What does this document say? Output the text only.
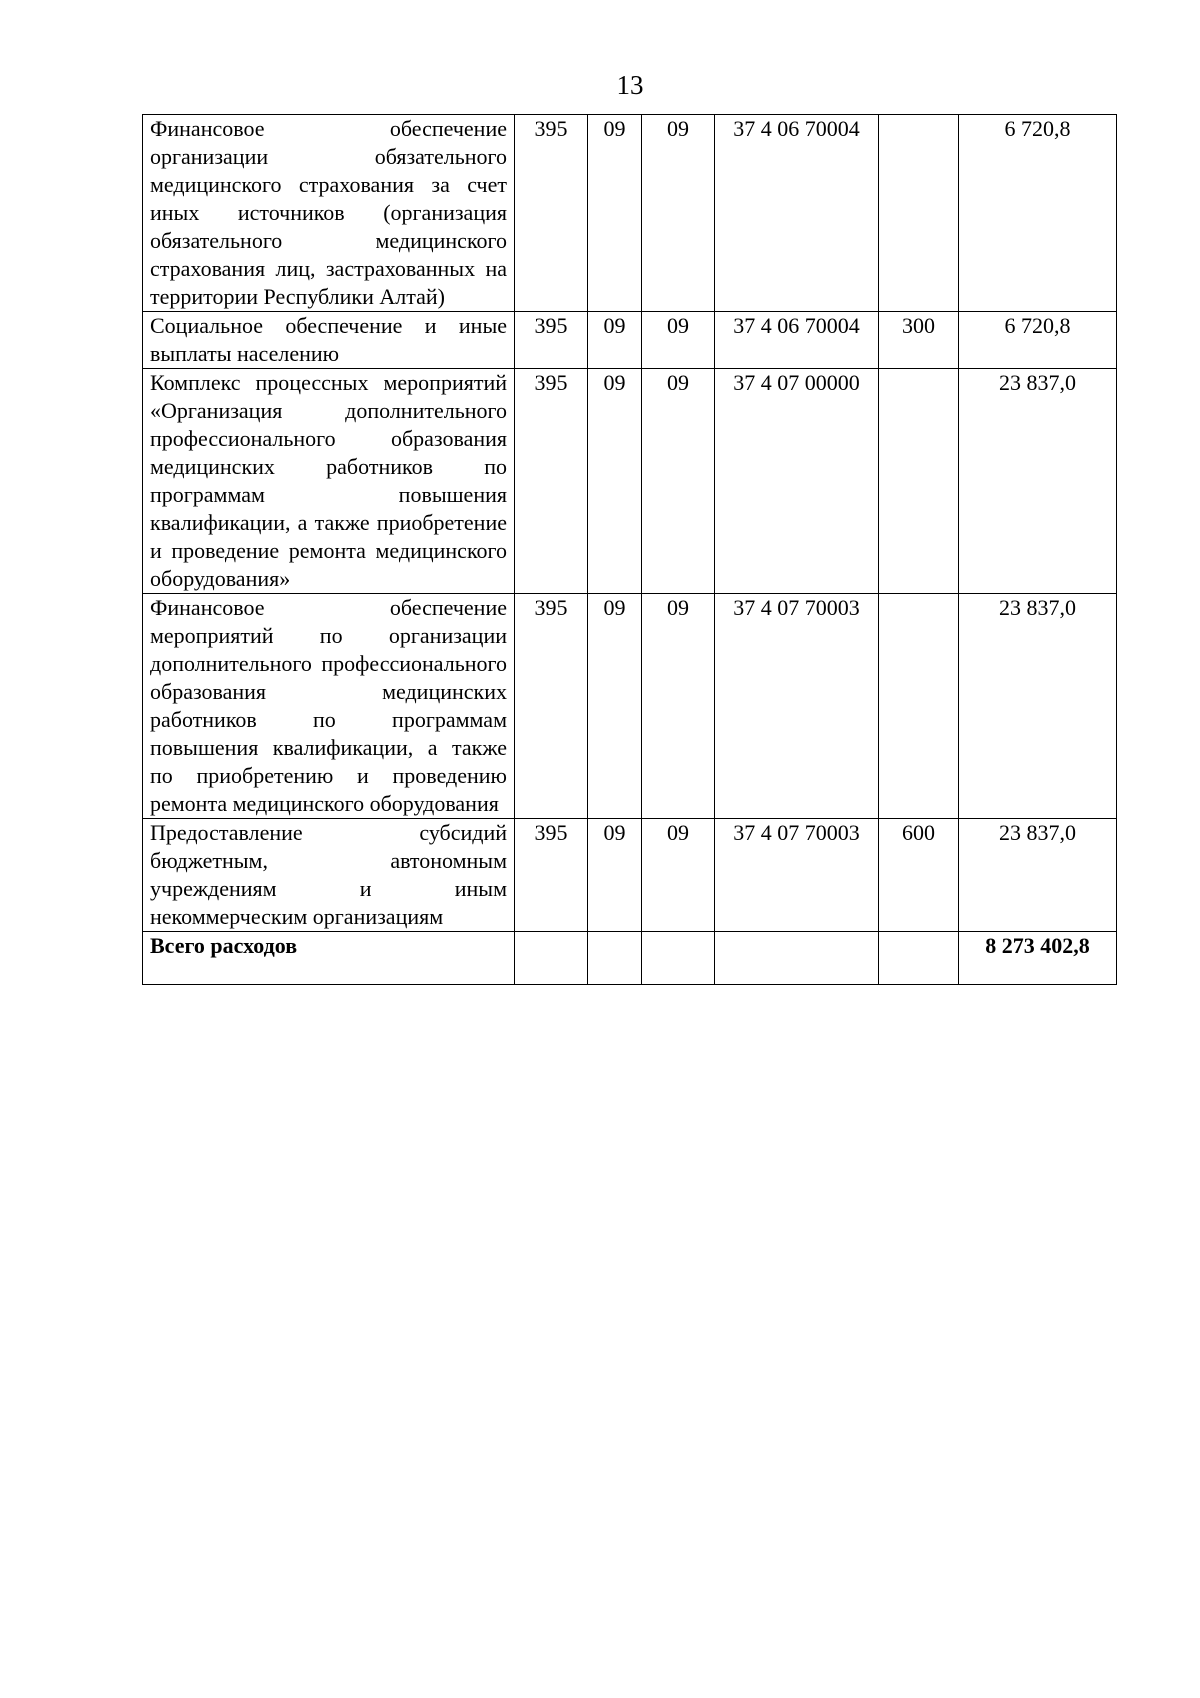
13
Финансовое обеспечение организации обязательного медицинского страхования за счет иных источников (организация обязательного медицинского страхования лиц, застрахованных на территории Республики Алтай)	395	09	09	37 4 06 70004		6 720,8
Социальное обеспечение и иные выплаты населению	395	09	09	37 4 06 70004	300	6 720,8
Комплекс процессных мероприятий «Организация дополнительного профессионального образования медицинских работников по программам повышения квалификации, а также приобретение и проведение ремонта медицинского оборудования»	395	09	09	37 4 07 00000		23 837,0
Финансовое обеспечение мероприятий по организации дополнительного профессионального образования медицинских работников по программам повышения квалификации, а также по приобретению и проведению ремонта медицинского оборудования	395	09	09	37 4 07 70003		23 837,0
Предоставление субсидий бюджетным, автономным учреждениям и иным некоммерческим организациям	395	09	09	37 4 07 70003	600	23 837,0
Всего расходов						8 273 402,8
